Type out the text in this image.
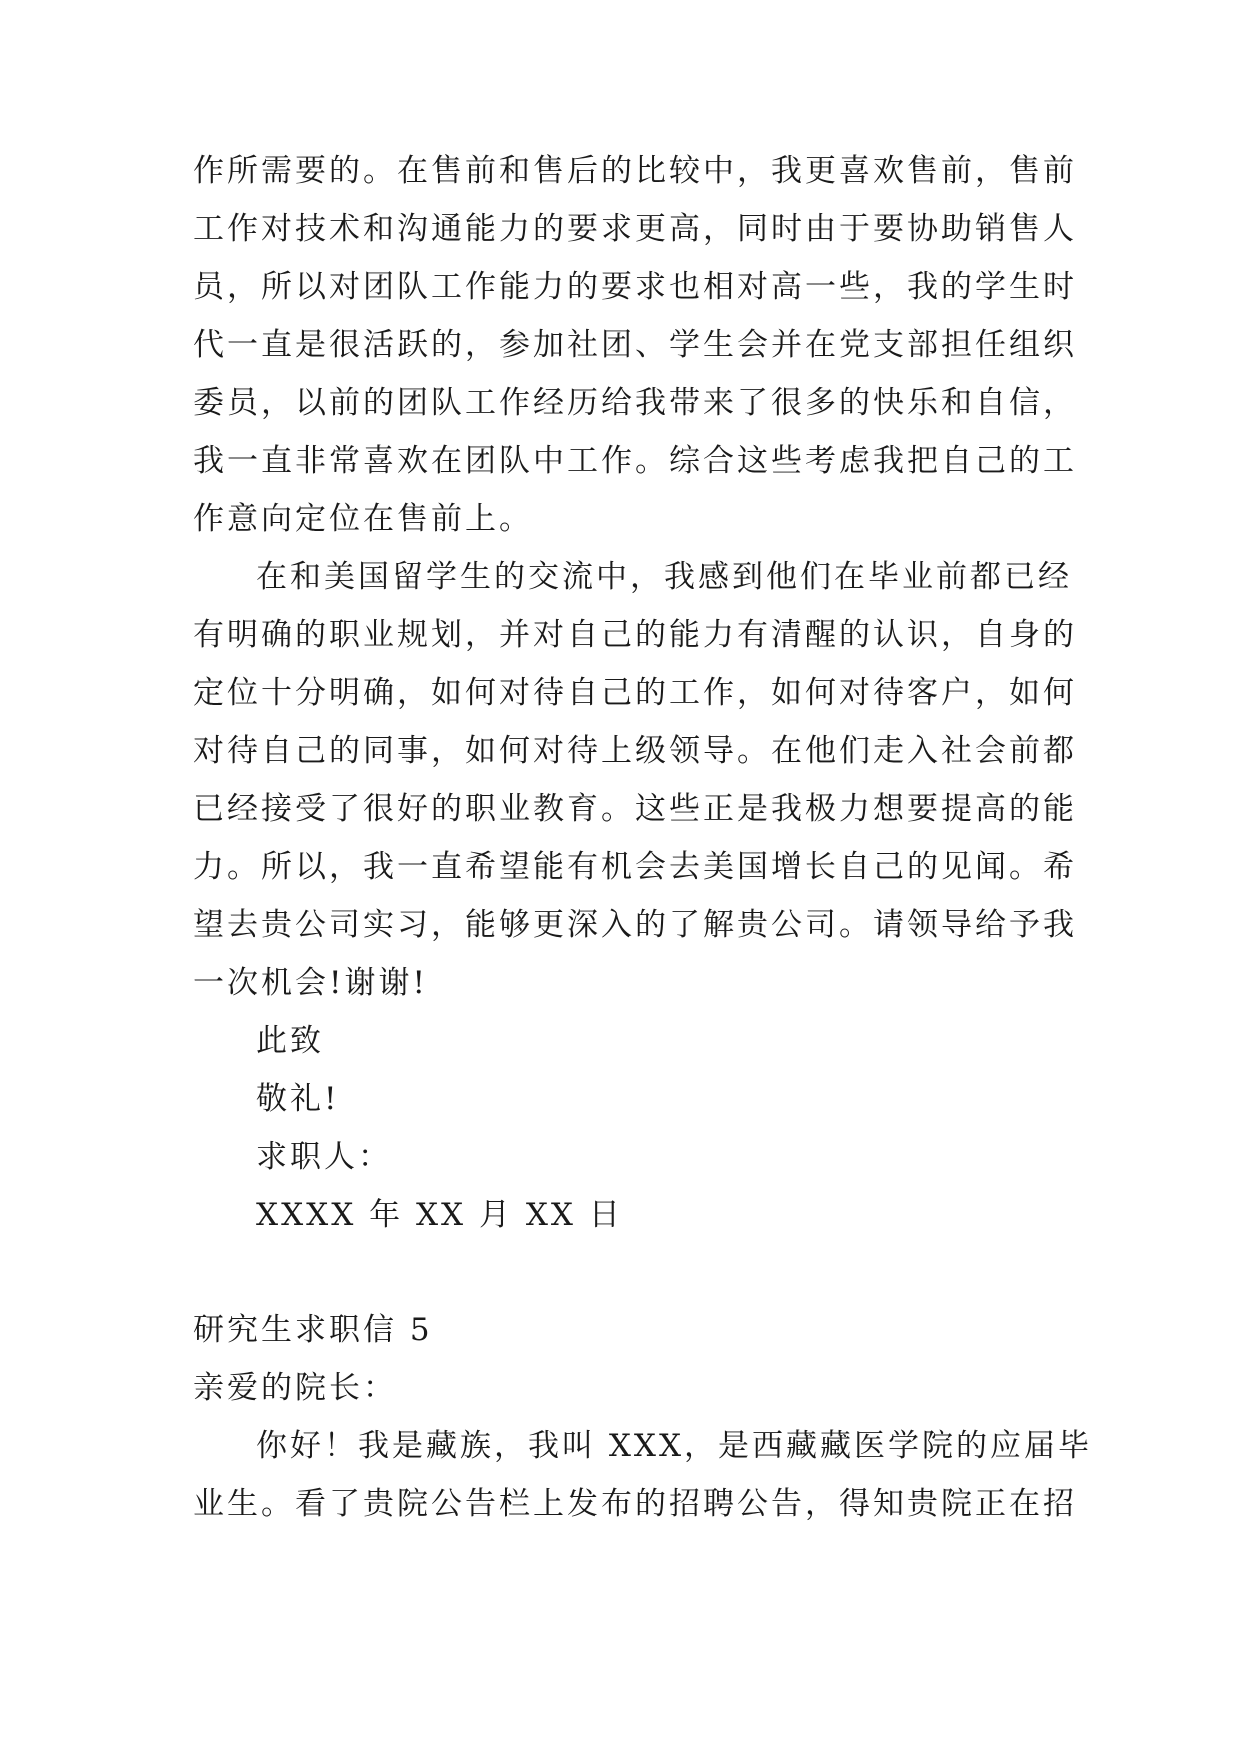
作所需要的。在售前和售后的比较中，我更喜欢售前，售前
工作对技术和沟通能力的要求更高，同时由于要协助销售人
员，所以对团队工作能力的要求也相对高一些，我的学生时
代一直是很活跃的，参加社团、学生会并在党支部担任组织
委员，以前的团队工作经历给我带来了很多的快乐和自信，
我一直非常喜欢在团队中工作。综合这些考虑我把自己的工
作意向定位在售前上。
在和美国留学生的交流中，我感到他们在毕业前都已经
有明确的职业规划，并对自己的能力有清醒的认识，自身的
定位十分明确，如何对待自己的工作，如何对待客户，如何
对待自己的同事，如何对待上级领导。在他们走入社会前都
已经接受了很好的职业教育。这些正是我极力想要提高的能
力。所以，我一直希望能有机会去美国增长自己的见闻。希
望去贵公司实习，能够更深入的了解贵公司。请领导给予我
一次机会!谢谢!
此致
敬礼!
求职人：
XXXX 年 XX 月 XX 日
研究生求职信 5
亲爱的院长：
你好！我是藏族，我叫 XXX，是西藏藏医学院的应届毕
业生。看了贵院公告栏上发布的招聘公告，得知贵院正在招
